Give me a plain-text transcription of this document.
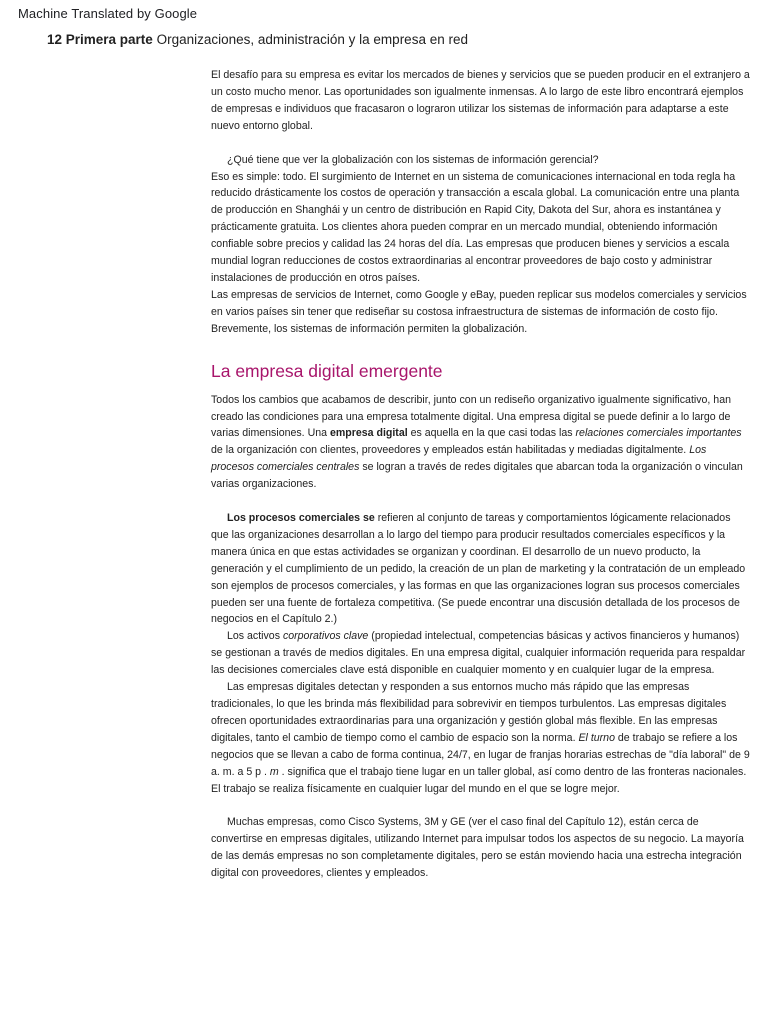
Machine Translated by Google
12 Primera parte Organizaciones, administración y la empresa en red

El desafío para su empresa es evitar los mercados de bienes y servicios que se pueden producir en el extranjero a un costo mucho menor. Las oportunidades son igualmente inmensas. A lo largo de este libro encontrará ejemplos de empresas e individuos que fracasaron o lograron utilizar los sistemas de información para adaptarse a este nuevo entorno global.

¿Qué tiene que ver la globalización con los sistemas de información gerencial?

Eso es simple: todo. El surgimiento de Internet en un sistema de comunicaciones internacional en toda regla ha reducido drásticamente los costos de operación y transacción a escala global. La comunicación entre una planta de producción en Shanghái y un centro de distribución en Rapid City, Dakota del Sur, ahora es instantánea y prácticamente gratuita. Los clientes ahora pueden comprar en un mercado mundial, obteniendo información confiable sobre precios y calidad las 24 horas del día. Las empresas que producen bienes y servicios a escala mundial logran reducciones de costos extraordinarias al encontrar proveedores de bajo costo y administrar instalaciones de producción en otros países.

Las empresas de servicios de Internet, como Google y eBay, pueden replicar sus modelos comerciales y servicios en varios países sin tener que rediseñar su costosa infraestructura de sistemas de información de costo fijo. Brevemente, los sistemas de información permiten la globalización.

La empresa digital emergente

Todos los cambios que acabamos de describir, junto con un rediseño organizativo igualmente significativo, han creado las condiciones para una empresa totalmente digital. Una empresa digital se puede definir a lo largo de varias dimensiones. Una empresa digital es aquella en la que casi todas las relaciones comerciales importantes de la organización con clientes, proveedores y empleados están habilitadas y mediadas digitalmente. Los procesos comerciales centrales se logran a través de redes digitales que abarcan toda la organización o vinculan varias organizaciones.

Los procesos comerciales se refieren al conjunto de tareas y comportamientos lógicamente relacionados que las organizaciones desarrollan a lo largo del tiempo para producir resultados comerciales específicos y la manera única en que estas actividades se organizan y coordinan. El desarrollo de un nuevo producto, la generación y el cumplimiento de un pedido, la creación de un plan de marketing y la contratación de un empleado son ejemplos de procesos comerciales, y las formas en que las organizaciones logran sus procesos comerciales pueden ser una fuente de fortaleza competitiva. (Se puede encontrar una discusión detallada de los procesos de negocios en el Capítulo 2.)

Los activos corporativos clave (propiedad intelectual, competencias básicas y activos financieros y humanos) se gestionan a través de medios digitales. En una empresa digital, cualquier información requerida para respaldar las decisiones comerciales clave está disponible en cualquier momento y en cualquier lugar de la empresa.

Las empresas digitales detectan y responden a sus entornos mucho más rápido que las empresas tradicionales, lo que les brinda más flexibilidad para sobrevivir en tiempos turbulentos. Las empresas digitales ofrecen oportunidades extraordinarias para una organización y gestión global más flexible. En las empresas digitales, tanto el cambio de tiempo como el cambio de espacio son la norma. El turno de trabajo se refiere a los negocios que se llevan a cabo de forma continua, 24/7, en lugar de franjas horarias estrechas de "día laboral" de 9 a. m. a 5 p . m . significa que el trabajo tiene lugar en un taller global, así como dentro de las fronteras nacionales.

El trabajo se realiza físicamente en cualquier lugar del mundo en el que se logre mejor.

Muchas empresas, como Cisco Systems, 3M y GE (ver el caso final del Capítulo 12), están cerca de convertirse en empresas digitales, utilizando Internet para impulsar todos los aspectos de su negocio. La mayoría de las demás empresas no son completamente digitales, pero se están moviendo hacia una estrecha integración digital con proveedores, clientes y empleados.
